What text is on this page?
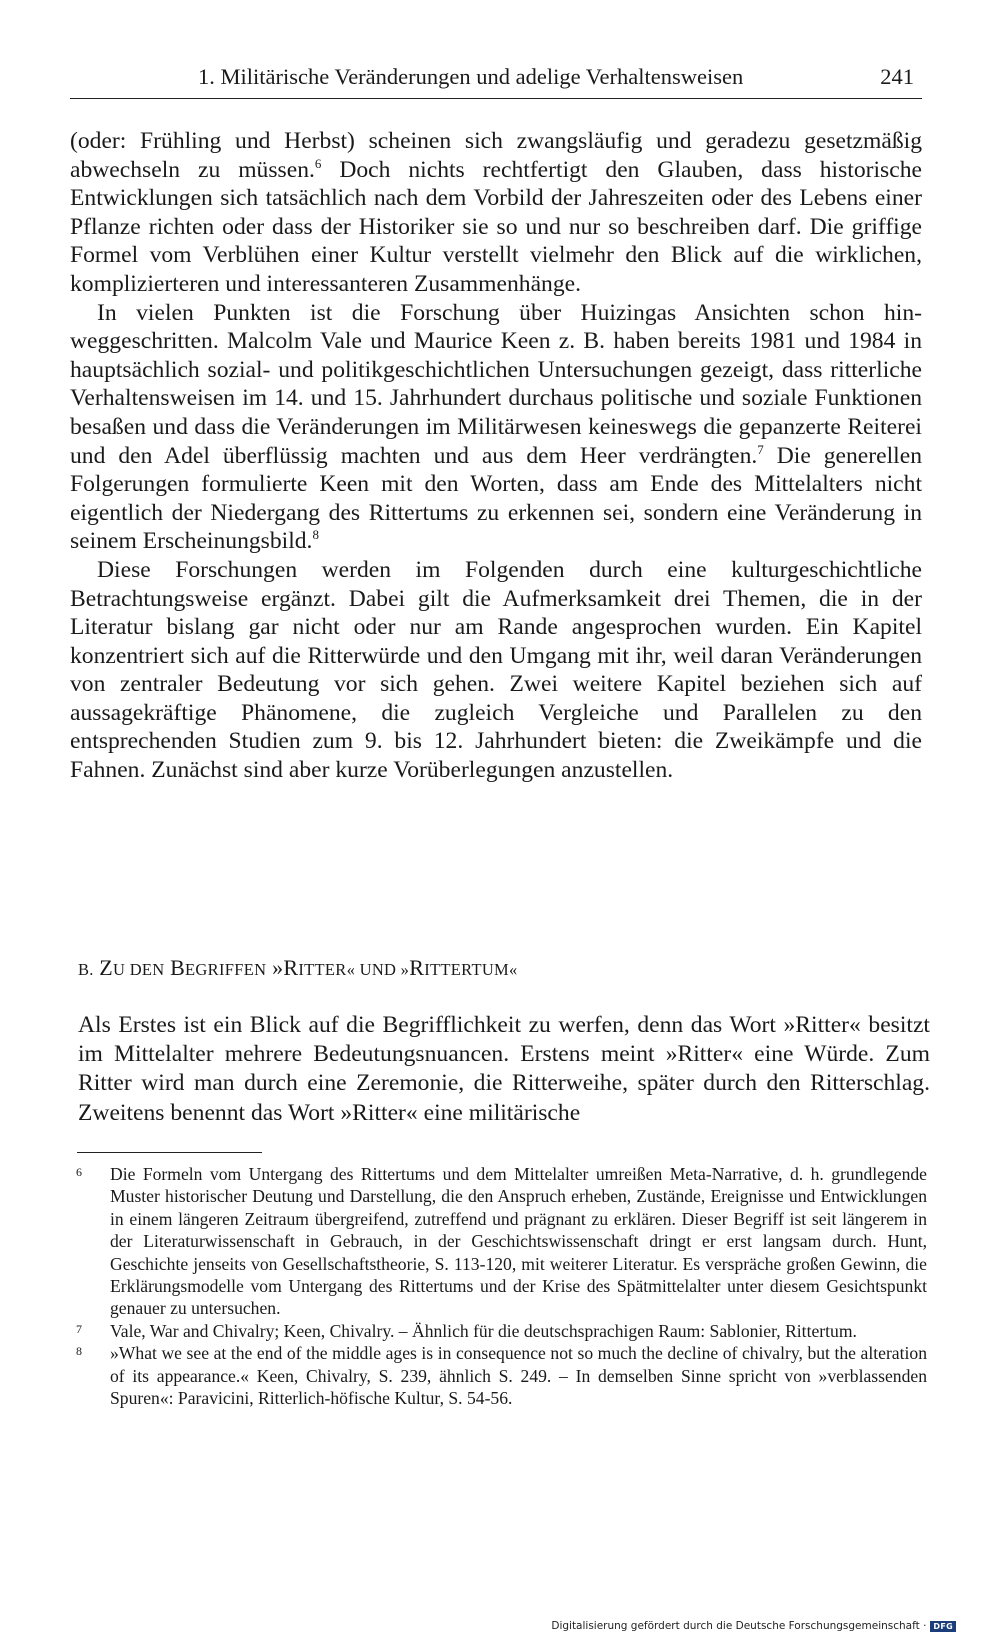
1. Militärische Veränderungen und adelige Verhaltensweisen	241

(oder: Frühling und Herbst) scheinen sich zwangsläufig und geradezu gesetzmäßig abwechseln zu müssen.$^6$ Doch nichts rechtfertigt den Glauben, dass historische Entwicklungen sich tatsächlich nach dem Vorbild der Jahreszeiten oder des Lebens einer Pflanze richten oder dass der Historiker sie so und nur so beschreiben darf. Die griffige Formel vom Verblühen einer Kultur verstellt vielmehr den Blick auf die wirklichen, komplizierteren und interessanteren Zusammenhänge.

In vielen Punkten ist die Forschung über Huizingas Ansichten schon hinweggeschritten. Malcolm Vale und Maurice Keen z. B. haben bereits 1981 und 1984 in hauptsächlich sozial- und politikgeschichtlichen Untersuchungen gezeigt, dass ritterliche Verhaltensweisen im 14. und 15. Jahrhundert durchaus politische und soziale Funktionen besaßen und dass die Veränderungen im Militärwesen keineswegs die gepanzerte Reiterei und den Adel überflüssig machten und aus dem Heer verdrängten.$^7$ Die generellen Folgerungen formulierte Keen mit den Worten, dass am Ende des Mittelalters nicht eigentlich der Niedergang des Rittertums zu erkennen sei, sondern eine Veränderung in seinem Erscheinungsbild.$^8$

Diese Forschungen werden im Folgenden durch eine kulturgeschichtliche Betrachtungsweise ergänzt. Dabei gilt die Aufmerksamkeit drei Themen, die in der Literatur bislang gar nicht oder nur am Rande angesprochen wurden. Ein Kapitel konzentriert sich auf die Ritterwürde und den Umgang mit ihr, weil daran Veränderungen von zentraler Bedeutung vor sich gehen. Zwei weitere Kapitel beziehen sich auf aussagekräftige Phänomene, die zugleich Vergleiche und Parallelen zu den entsprechenden Studien zum 9. bis 12. Jahrhundert bieten: die Zweikämpfe und die Fahnen. Zunächst sind aber kurze Vorüberlegungen anzustellen.

B. ZU DEN BEGRIFFEN »RITTER« UND »RITTERTUM«

Als Erstes ist ein Blick auf die Begrifflichkeit zu werfen, denn das Wort »Ritter« besitzt im Mittelalter mehrere Bedeutungsnuancen. Erstens meint »Ritter« eine Würde. Zum Ritter wird man durch eine Zeremonie, die Ritterweihe, später durch den Ritterschlag. Zweitens benennt das Wort »Ritter« eine militärische

6 Die Formeln vom Untergang des Rittertums und dem Mittelalter umreißen Meta-Narrative, d. h. grundlegende Muster historischer Deutung und Darstellung, die den Anspruch erheben, Zustände, Ereignisse und Entwicklungen in einem längeren Zeitraum übergreifend, zutreffend und prägnant zu erklären. Dieser Begriff ist seit längerem in der Literaturwissenschaft in Gebrauch, in der Geschichtswissenschaft dringt er erst langsam durch. Hunt, Geschichte jenseits von Gesellschaftstheorie, S. 113-120, mit weiterer Literatur. Es verspräche großen Gewinn, die Erklärungsmodelle vom Untergang des Rittertums und der Krise des Spätmittelalter unter diesem Gesichtspunkt genauer zu untersuchen.

7 Vale, War and Chivalry; Keen, Chivalry. – Ähnlich für die deutschsprachigen Raum: Sablonier, Rittertum.

8 »What we see at the end of the middle ages is in consequence not so much the decline of chivalry, but the alteration of its appearance.« Keen, Chivalry, S. 239, ähnlich S. 249. – In demselben Sinne spricht von »verblassenden Spuren«: Paravicini, Ritterlich-höfische Kultur, S. 54-56.

Digitalisierung gefördert durch die Deutsche Forschungsgemeinschaft · DFG
